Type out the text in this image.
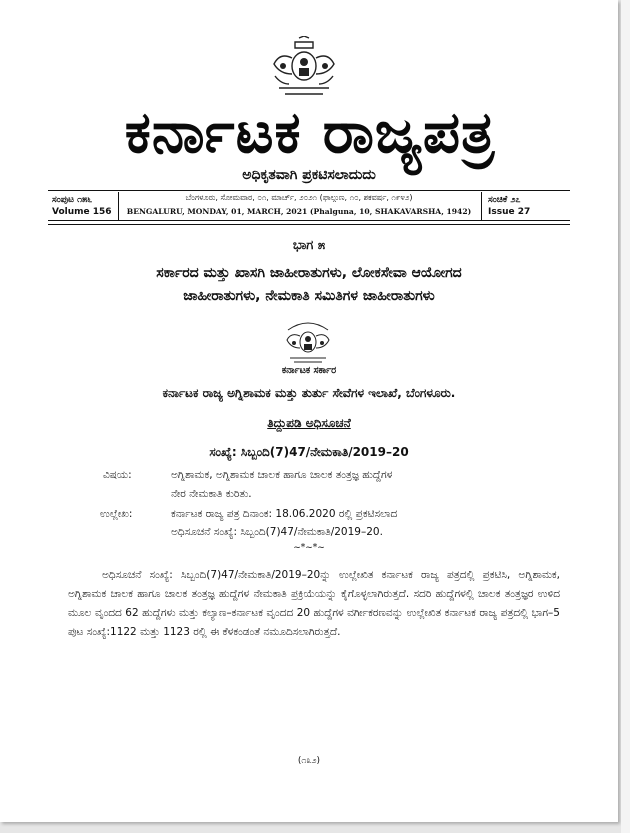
ಕರ್ನಾಟಕ ರಾಜ್ಯಪತ್ರ
ಅಧಿಕೃತವಾಗಿ ಪ್ರಕಟಿಸಲಾದುದು
ಸಂಪುಟ ೧೫೬
Volume 156
ಬೆಂಗಳೂರು, ಸೋಮವಾರ, ೦೧, ಮಾರ್ಚ್, ೨೦೨೧ (ಫಾಲ್ಗುಣ, ೧೦, ಶಕವರ್ಷ, ೧೯೪೨)
BENGALURU, MONDAY, 01, MARCH, 2021 (Phalguna, 10, SHAKAVARSHA, 1942)
ಸಂಚಿಕೆ ೨೭
Issue 27
ಭಾಗ ೫
ಸರ್ಕಾರದ ಮತ್ತು ಖಾಸಗಿ ಜಾಹೀರಾತುಗಳು, ಲೋಕಸೇವಾ ಆಯೋಗದ
ಜಾಹೀರಾತುಗಳು, ನೇಮಕಾತಿ ಸಮಿತಿಗಳ ಜಾಹೀರಾತುಗಳು
ಕರ್ನಾಟಕ ಸರ್ಕಾರ
ಕರ್ನಾಟಕ ರಾಜ್ಯ ಅಗ್ನಿಶಾಮಕ ಮತ್ತು ತುರ್ತು ಸೇವೆಗಳ ಇಲಾಖೆ, ಬೆಂಗಳೂರು.
ತಿದ್ದುಪಡಿ ಅಧಿಸೂಚನೆ
ಸಂಖ್ಯೆ: ಸಿಬ್ಬಂದಿ(7)47/ನೇಮಕಾತಿ/2019–20
ವಿಷಯ:	ಅಗ್ನಿಶಾಮಕ, ಅಗ್ನಿಶಾಮಕ ಚಾಲಕ ಹಾಗೂ ಚಾಲಕ ತಂತ್ರಜ್ಞ ಹುದ್ದೆಗಳ
ನೇರ ನೇಮಕಾತಿ ಕುರಿತು.
ಉಲ್ಲೇಖ:	ಕರ್ನಾಟಕ ರಾಜ್ಯ ಪತ್ರ ದಿನಾಂಕ: 18.06.2020 ರಲ್ಲಿ ಪ್ರಕಟಿಸಲಾದ
ಅಧಿಸೂಚನೆ ಸಂಖ್ಯೆ: ಸಿಬ್ಬಂದಿ(7)47/ನೇಮಕಾತಿ/2019–20.
~*~*~
ಅಧಿಸೂಚನೆ ಸಂಖ್ಯೆ: ಸಿಬ್ಬಂದಿ(7)47/ನೇಮಕಾತಿ/2019–20ನ್ನು ಉಲ್ಲೇಖಿತ ಕರ್ನಾಟಕ ರಾಜ್ಯ ಪತ್ರದಲ್ಲಿ ಪ್ರಕಟಿಸಿ, ಅಗ್ನಿಶಾಮಕ, ಅಗ್ನಿಶಾಮಕ ಚಾಲಕ ಹಾಗೂ ಚಾಲಕ ತಂತ್ರಜ್ಞ ಹುದ್ದೆಗಳ ನೇಮಕಾತಿ ಪ್ರಕ್ರಿಯೆಯನ್ನು ಕೈಗೊಳ್ಳಲಾಗಿರುತ್ತದೆ. ಸದರಿ ಹುದ್ದೆಗಳಲ್ಲಿ ಚಾಲಕ ತಂತ್ರಜ್ಞರ ಉಳಿದ ಮೂಲ ವೃಂದದ 62 ಹುದ್ದೆಗಳು ಮತ್ತು ಕಲ್ಯಾಣ–ಕರ್ನಾಟಕ ವೃಂದದ 20 ಹುದ್ದೆಗಳ ವರ್ಗೀಕರಣವನ್ನು ಉಲ್ಲೇಖಿತ ಕರ್ನಾಟಕ ರಾಜ್ಯ ಪತ್ರದಲ್ಲಿ ಭಾಗ–5 ಪುಟ ಸಂಖ್ಯೆ:1122 ಮತ್ತು 1123 ರಲ್ಲಿ ಈ ಕೆಳಕಂಡಂತೆ ನಮೂದಿಸಲಾಗಿರುತ್ತದೆ.
(೧೩೨)
